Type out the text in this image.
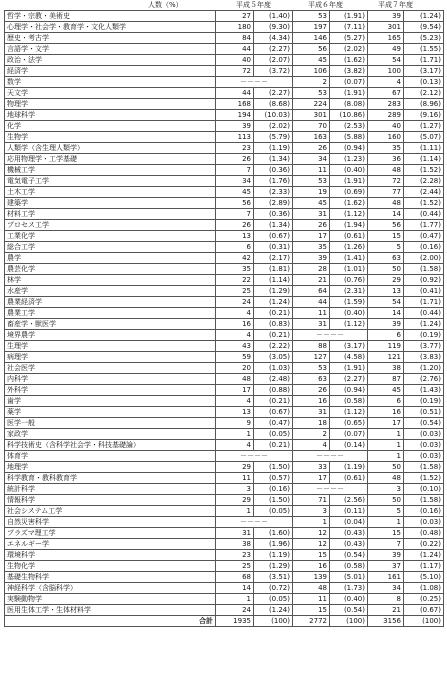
人数（%）	平成５年度	平成６年度	平成７年度
哲学・宗教・美術史	27	(1.40)	53	(1.91)	39	(1.24)
心理学・社会学・教育学・文化人類学	180	(9.30)	197	(7.11)	301	(9.54)
歴史・考古学	84	(4.34)	146	(5.27)	165	(5.23)
言語学・文学	44	(2.27)	56	(2.02)	49	(1.55)
政治・法学	40	(2.07)	45	(1.62)	54	(1.71)
経済学	72	(3.72)	106	(3.82)	100	(3.17)
数学	－－－－		2	(0.07)	4	(0.13)
天文学	44	(2.27)	53	(1.91)	67	(2.12)
物理学	168	(8.68)	224	(8.08)	283	(8.96)
地球科学	194	(10.03)	301	(10.86)	289	(9.16)
化学	39	(2.02)	70	(2.53)	40	(1.27)
生物学	113	(5.79)	163	(5.88)	160	(5.07)
人類学（含生理人類学）	23	(1.19)	26	(0.94)	35	(1.11)
応用物理学・工学基礎	26	(1.34)	34	(1.23)	36	(1.14)
機械工学	7	(0.36)	11	(0.40)	48	(1.52)
電気電子工学	34	(1.76)	53	(1.91)	72	(2.28)
土木工学	45	(2.33)	19	(0.69)	77	(2.44)
建築学	56	(2.89)	45	(1.62)	48	(1.52)
材料工学	7	(0.36)	31	(1.12)	14	(0.44)
プロセス工学	26	(1.34)	26	(1.94)	56	(1.77)
工業化学	13	(0.67)	17	(0.61)	15	(0.47)
総合工学	6	(0.31)	35	(1.26)	5	(0.16)
農学	42	(2.17)	39	(1.41)	63	(2.00)
農芸化学	35	(1.81)	28	(1.01)	50	(1.58)
林学	22	(1.14)	21	(0.76)	29	(0.92)
水産学	25	(1.29)	64	(2.31)	13	(0.41)
農業経済学	24	(1.24)	44	(1.59)	54	(1.71)
農業工学	4	(0.21)	11	(0.40)	14	(0.44)
畜産学・獣医学	16	(0.83)	31	(1.12)	39	(1.24)
境界農学	4	(0.21)	－－－－		6	(0.19)
生理学	43	(2.22)	88	(3.17)	119	(3.77)
病理学	59	(3.05)	127	(4.58)	121	(3.83)
社会医学	20	(1.03)	53	(1.91)	38	(1.20)
内科学	48	(2.48)	63	(2.27)	87	(2.76)
外科学	17	(0.88)	26	(0.94)	45	(1.43)
歯学	4	(0.21)	16	(0.58)	6	(0.19)
薬学	13	(0.67)	31	(1.12)	16	(0.51)
医学一般	9	(0.47)	18	(0.65)	17	(0.54)
家政学	1	(0.05)	2	(0.07)	1	(0.03)
科学技術史（含科学社会学・科技基礎論）	4	(0.21)	4	(0.14)	1	(0.03)
体育学	－－－－		－－－－		1	(0.03)
地理学	29	(1.50)	33	(1.19)	50	(1.58)
科学教育・教科教育学	11	(0.57)	17	(0.61)	48	(1.52)
統計科学	3	(0.16)	－－－－		3	(0.10)
情報科学	29	(1.50)	71	(2.56)	50	(1.58)
社会システム工学	1	(0.05)	3	(0.11)	5	(0.16)
自然災害科学	－－－－		1	(0.04)	1	(0.03)
プラズマ理工学	31	(1.60)	12	(0.43)	15	(0.48)
エネルギー学	38	(1.96)	12	(0.43)	7	(0.22)
環境科学	23	(1.19)	15	(0.54)	39	(1.24)
生物化学	25	(1.29)	16	(0.58)	37	(1.17)
基礎生物科学	68	(3.51)	139	(5.01)	161	(5.10)
神経科学（含脳科学）	14	(0.72)	48	(1.73)	34	(1.08)
実験動物学	1	(0.05)	11	(0.40)	8	(0.25)
医用生体工学・生体材料学	24	(1.24)	15	(0.54)	21	(0.67)
合計	1935	(100)	2772	(100)	3156	(100)
